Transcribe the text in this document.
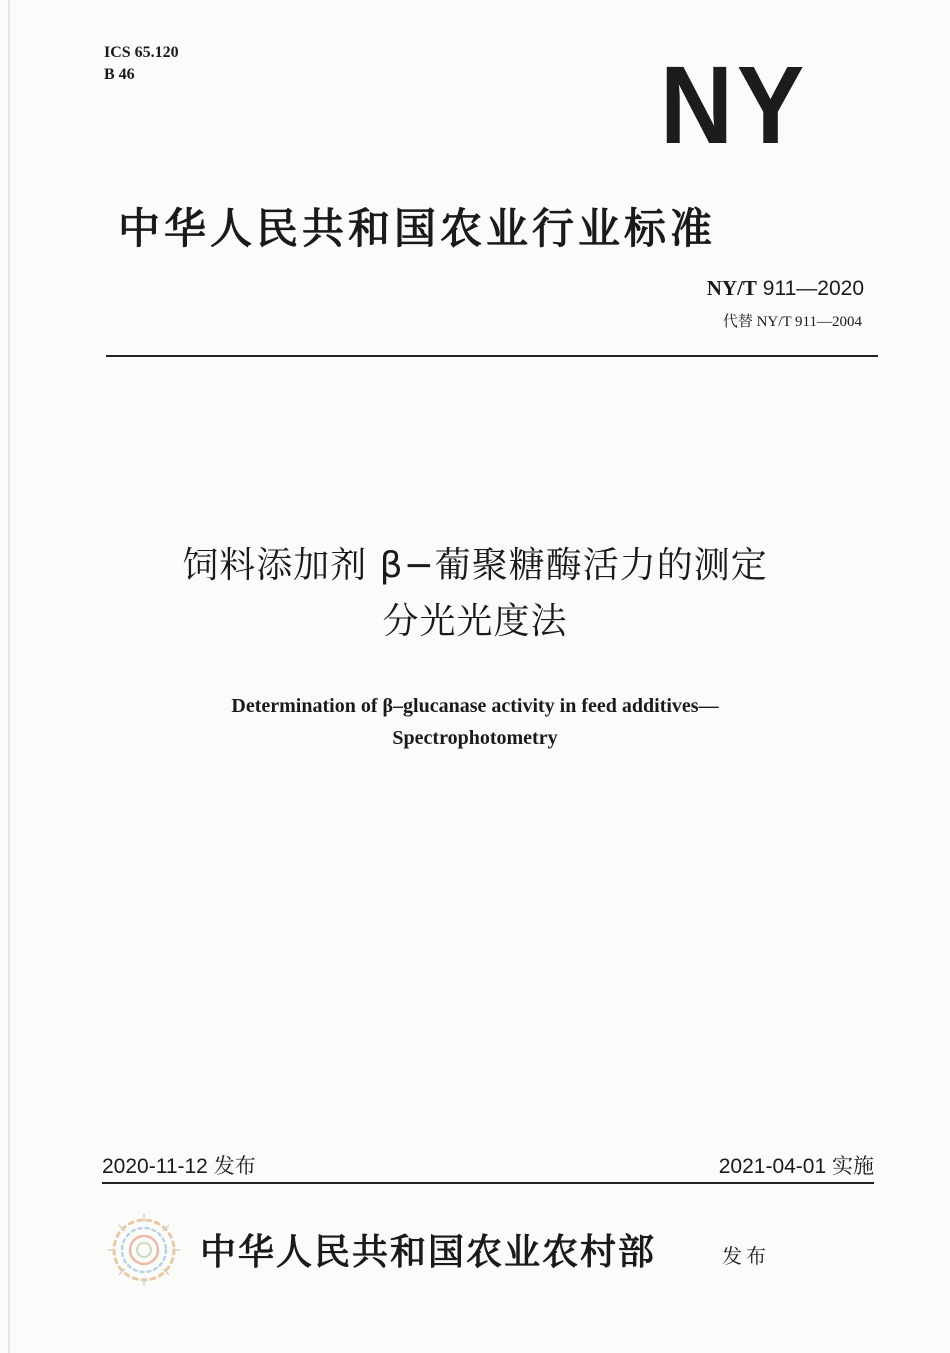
ICS 65.120
B 46	NY
中华人民共和国农业行业标准
NY/T 911—2020
代替 NY/T 911—2004
饲料添加剂 β−葡聚糖酶活力的测定
分光光度法
Determination of β–glucanase activity in feed additives—
Spectrophotometry
2020-11-12 发布	2021-04-01 实施
中华人民共和国农业农村部	发布
